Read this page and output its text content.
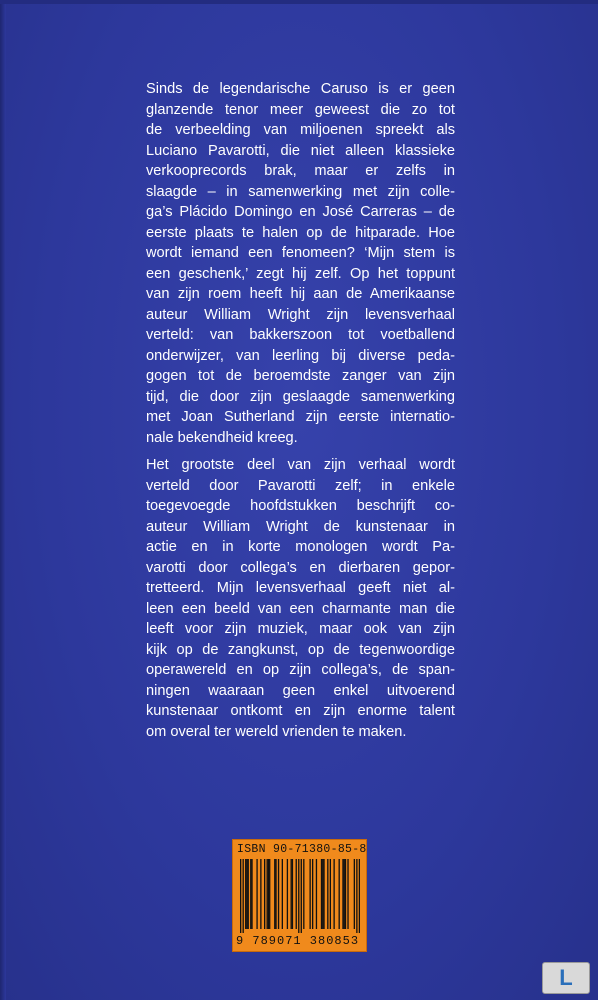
Sinds de legendarische Caruso is er geen
glanzende tenor meer geweest die zo tot
de verbeelding van miljoenen spreekt als
Luciano Pavarotti, die niet alleen klassieke
verkooprecords brak, maar er zelfs in
slaagde – in samenwerking met zijn colle-
ga’s Plácido Domingo en José Carreras – de
eerste plaats te halen op de hitparade. Hoe
wordt iemand een fenomeen? ‘Mijn stem is
een geschenk,’ zegt hij zelf. Op het toppunt
van zijn roem heeft hij aan de Amerikaanse
auteur William Wright zijn levensverhaal
verteld: van bakkerszoon tot voetballend
onderwijzer, van leerling bij diverse peda-
gogen tot de beroemdste zanger van zijn
tijd, die door zijn geslaagde samenwerking
met Joan Sutherland zijn eerste internatio-
nale bekendheid kreeg.

Het grootste deel van zijn verhaal wordt
verteld door Pavarotti zelf; in enkele
toegevoegde hoofdstukken beschrijft co-
auteur William Wright de kunstenaar in
actie en in korte monologen wordt Pa-
varotti door collega’s en dierbaren gepor-
tretteerd. Mijn levensverhaal geeft niet al-
leen een beeld van een charmante man die
leeft voor zijn muziek, maar ook van zijn
kijk op de zangkunst, op de tegenwoordige
operawereld en op zijn collega’s, de span-
ningen waaraan geen enkel uitvoerend
kunstenaar ontkomt en zijn enorme talent
om overal ter wereld vrienden te maken.

ISBN 90-71380-85-8
9 789071 380853
L
